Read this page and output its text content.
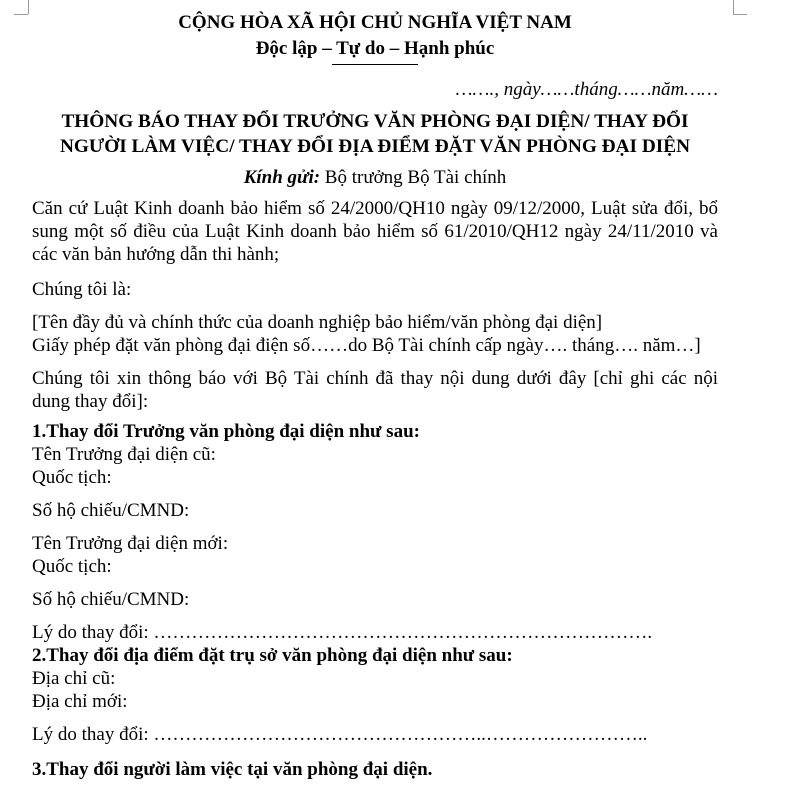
CỘNG HÒA XÃ HỘI CHỦ NGHĨA VIỆT NAM
Độc lập – Tự do – Hạnh phúc
……., ngày……tháng……năm……
THÔNG BÁO THAY ĐỔI TRƯỞNG VĂN PHÒNG ĐẠI DIỆN/ THAY ĐỔI
NGƯỜI LÀM VIỆC/ THAY ĐỔI ĐỊA ĐIỂM ĐẶT VĂN PHÒNG ĐẠI DIỆN
Kính gửi: Bộ trưởng Bộ Tài chính

Căn cứ Luật Kinh doanh bảo hiểm số 24/2000/QH10 ngày 09/12/2000, Luật sửa đổi, bổ sung một số điều của Luật Kinh doanh bảo hiểm số 61/2010/QH12 ngày 24/11/2010 và các văn bản hướng dẫn thi hành;

Chúng tôi là:

[Tên đầy đủ và chính thức của doanh nghiệp bảo hiểm/văn phòng đại diện]

Giấy phép đặt văn phòng đại điện số……do Bộ Tài chính cấp ngày…. tháng…. năm…]

Chúng tôi xin thông báo với Bộ Tài chính đã thay nội dung dưới đây [chỉ ghi các nội dung thay đổi]:

1.Thay đổi Trưởng văn phòng đại diện như sau:

Tên Trưởng đại diện cũ:

Quốc tịch:

Số hộ chiếu/CMND:

Tên Trưởng đại diện mới:

Quốc tịch:

Số hộ chiếu/CMND:

Lý do thay đổi: …………………………………………………………………….

2.Thay đổi địa điểm đặt trụ sở văn phòng đại diện như sau:

Địa chỉ cũ:

Địa chỉ mới:

Lý do thay đổi: ……………………………………………..……………………..

3.Thay đổi người làm việc tại văn phòng đại diện.
